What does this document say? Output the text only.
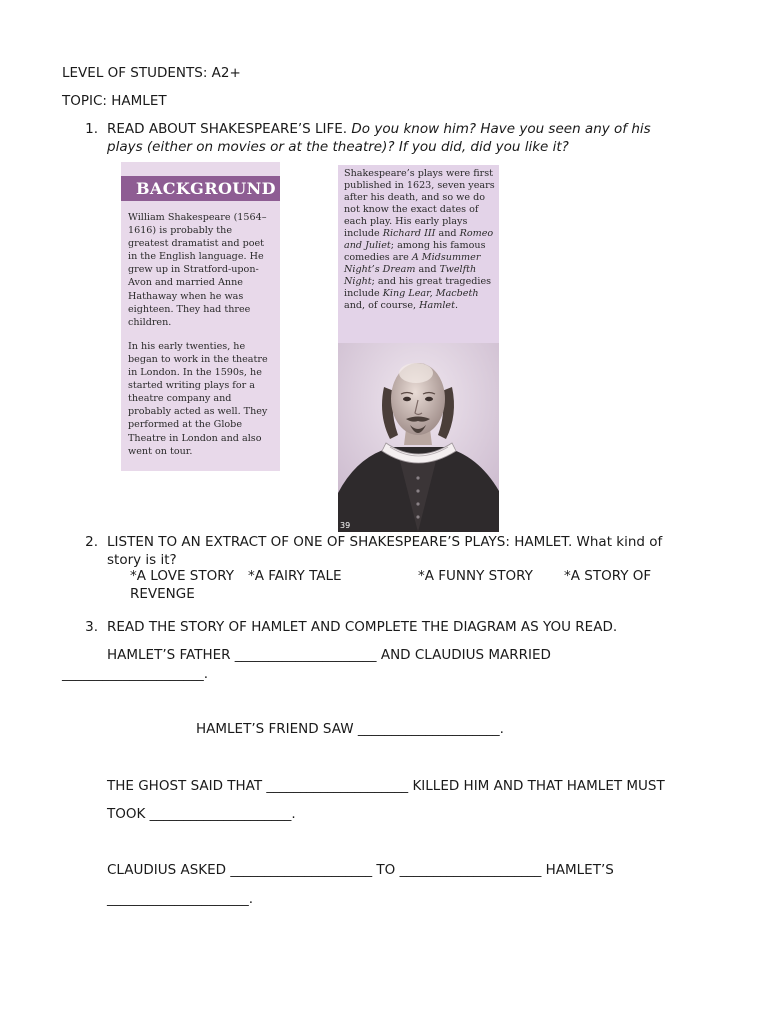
LEVEL OF STUDENTS: A2+
TOPIC: HAMLET
1. READ ABOUT SHAKESPEARE’S LIFE. Do you know him? Have you seen any of his
plays (either on movies or at the theatre)? If you did, did you like it?
BACKGROUND

William Shakespeare (1564–1616) is probably the greatest dramatist and poet in the English language. He grew up in Stratford-upon-Avon and married Anne Hathaway when he was eighteen. They had three children.

In his early twenties, he began to work in the theatre in London. In the 1590s, he started writing plays for a theatre company and probably acted as well. They performed at the Globe Theatre in London and also went on tour.

Shakespeare’s plays were first published in 1623, seven years after his death, and so we do not know the exact dates of each play. His early plays include Richard III and Romeo and Juliet; among his famous comedies are A Midsummer Night’s Dream and Twelfth Night; and his great tragedies include King Lear, Macbeth and, of course, Hamlet.
39
2. LISTEN TO AN EXTRACT OF ONE OF SHAKESPEARE’S PLAYS: HAMLET. What kind of
story is it?
*A LOVE STORY *A FAIRY TALE	*A FUNNY STORY *A STORY OF
REVENGE
3. READ THE STORY OF HAMLET AND COMPLETE THE DIAGRAM AS YOU READ.
HAMLET’S FATHER _____________________ AND CLAUDIUS MARRIED
_____________________.
HAMLET’S FRIEND SAW _____________________.
THE GHOST SAID THAT _____________________ KILLED HIM AND THAT HAMLET MUST
TOOK _____________________.
CLAUDIUS ASKED _____________________ TO _____________________ HAMLET’S
_____________________.
